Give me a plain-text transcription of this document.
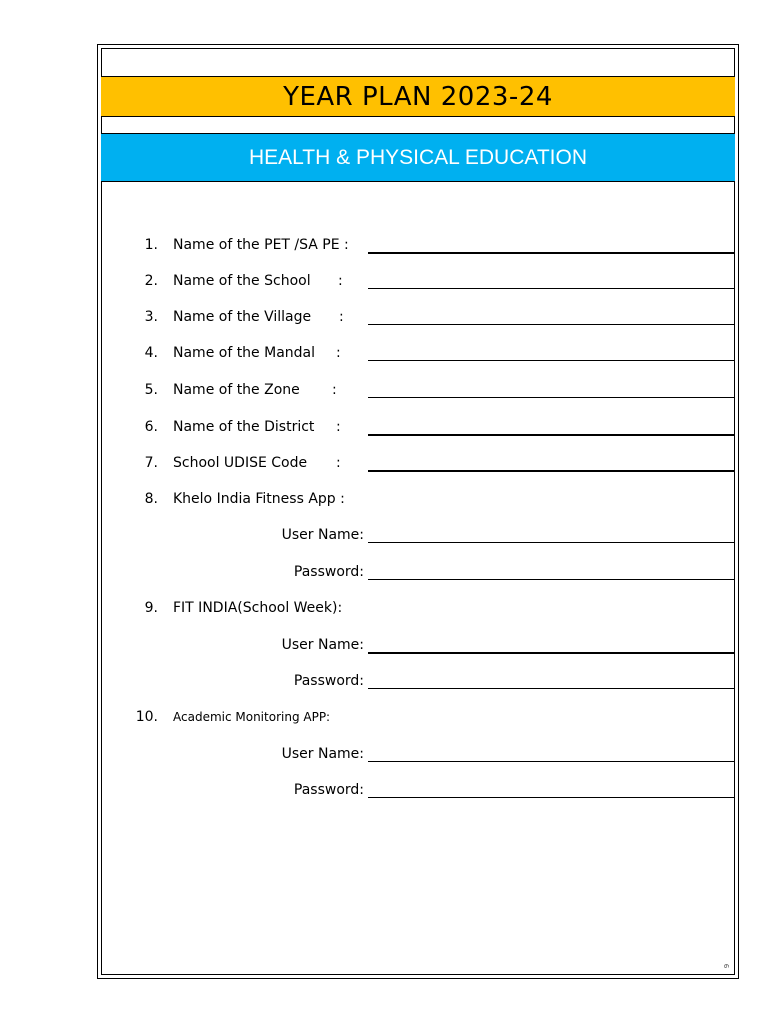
YEAR PLAN 2023-24
HEALTH & PHYSICAL EDUCATION
1. Name of the PET /SA PE :
2. Name of the School :
3. Name of the Village :
4. Name of the Mandal :
5. Name of the Zone :
6. Name of the District :
7. School UDISE Code :
8. Khelo India Fitness App :
User Name:
Password:
9. FIT INDIA(School Week):
User Name:
Password:
10. Academic Monitoring APP:
User Name:
Password:
9
